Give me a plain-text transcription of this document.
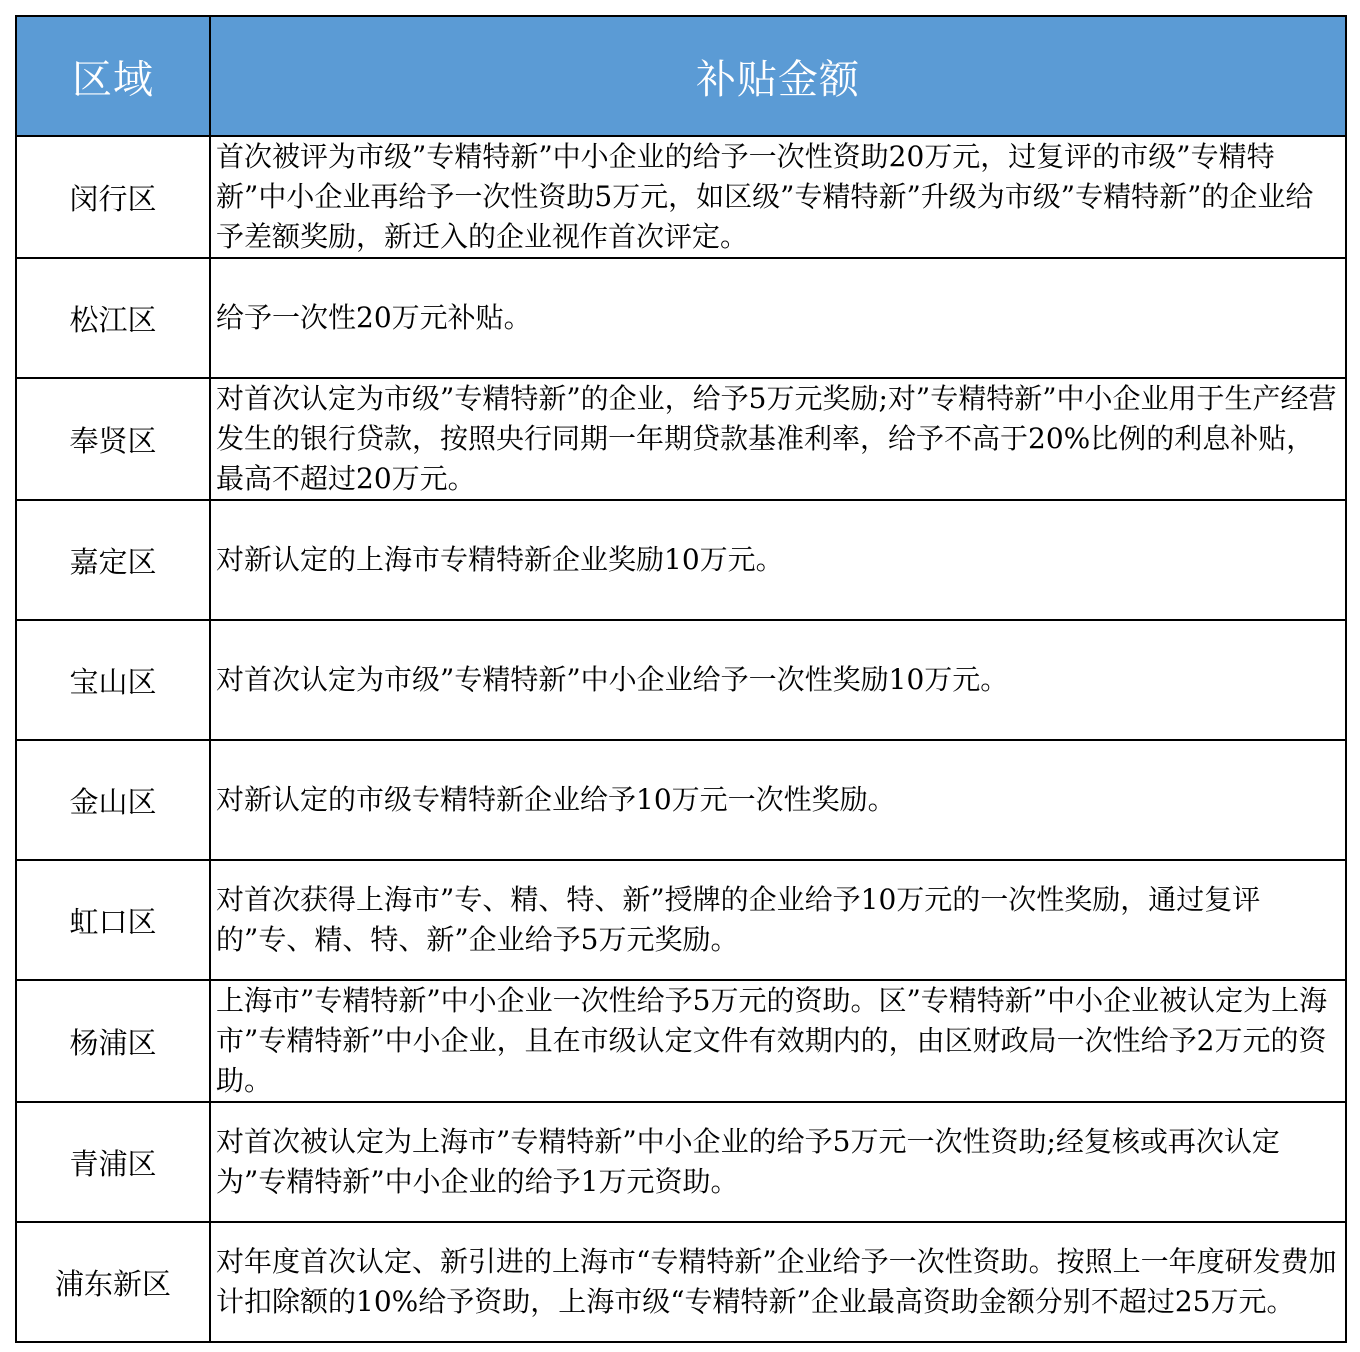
区域	补贴金额
闵行区	首次被评为市级”专精特新”中小企业的给予一次性资助20万元，过复评的市级”专精特新”中小企业再给予一次性资助5万元，如区级”专精特新”升级为市级”专精特新”的企业给予差额奖励，新迁入的企业视作首次评定。
松江区	给予一次性20万元补贴。
奉贤区	对首次认定为市级”专精特新”的企业，给予5万元奖励;对”专精特新”中小企业用于生产经营发生的银行贷款，按照央行同期一年期贷款基准利率，给予不高于20%比例的利息补贴，最高不超过20万元。
嘉定区	对新认定的上海市专精特新企业奖励10万元。
宝山区	对首次认定为市级”专精特新”中小企业给予一次性奖励10万元。
金山区	对新认定的市级专精特新企业给予10万元一次性奖励。
虹口区	对首次获得上海市”专、精、特、新”授牌的企业给予10万元的一次性奖励，通过复评的”专、精、特、新”企业给予5万元奖励。
杨浦区	上海市”专精特新”中小企业一次性给予5万元的资助。区”专精特新”中小企业被认定为上海市”专精特新”中小企业，且在市级认定文件有效期内的，由区财政局一次性给予2万元的资助。
青浦区	对首次被认定为上海市”专精特新”中小企业的给予5万元一次性资助;经复核或再次认定为”专精特新”中小企业的给予1万元资助。
浦东新区	对年度首次认定、新引进的上海市“专精特新”企业给予一次性资助。按照上一年度研发费加计扣除额的10%给予资助，上海市级“专精特新”企业最高资助金额分别不超过25万元。
